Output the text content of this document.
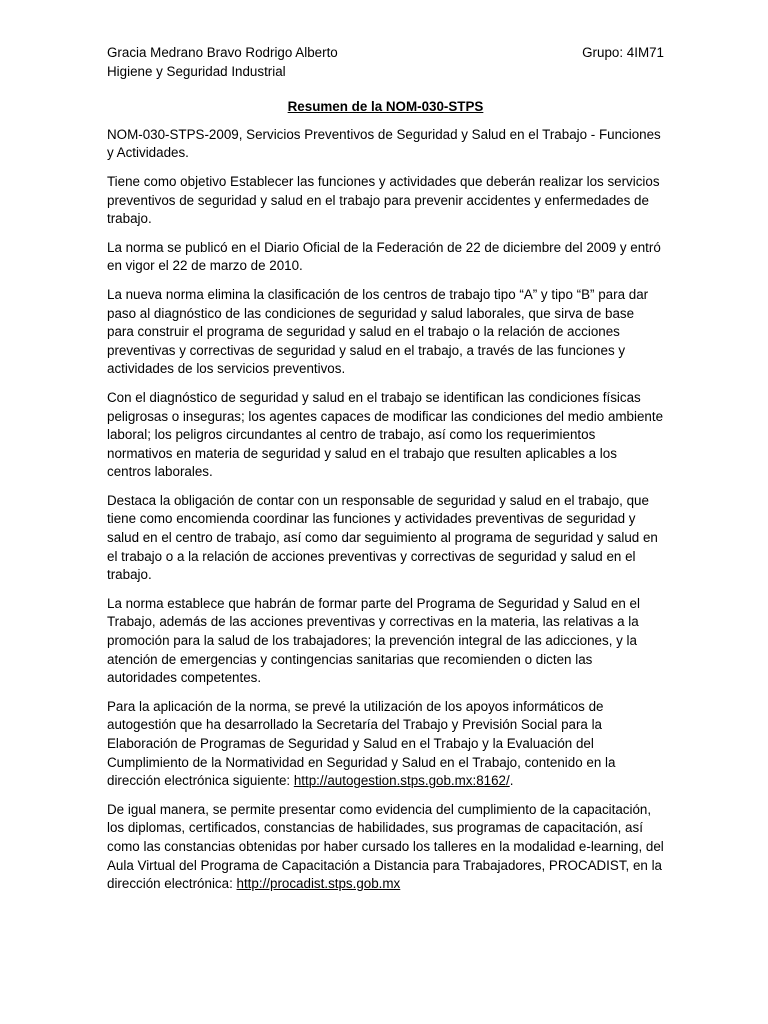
Gracia Medrano Bravo Rodrigo Alberto	Grupo: 4IM71

Higiene y Seguridad Industrial

Resumen de la NOM-030-STPS

NOM-030-STPS-2009, Servicios Preventivos de Seguridad y Salud en el Trabajo - Funciones y Actividades.

Tiene como objetivo Establecer las funciones y actividades que deberán realizar los servicios preventivos de seguridad y salud en el trabajo para prevenir accidentes y enfermedades de trabajo.

La norma se publicó en el Diario Oficial de la Federación de 22 de diciembre del 2009 y entró en vigor el 22 de marzo de 2010.

La nueva norma elimina la clasificación de los centros de trabajo tipo “A” y tipo “B” para dar paso al diagnóstico de las condiciones de seguridad y salud laborales, que sirva de base para construir el programa de seguridad y salud en el trabajo o la relación de acciones preventivas y correctivas de seguridad y salud en el trabajo, a través de las funciones y actividades de los servicios preventivos.

Con el diagnóstico de seguridad y salud en el trabajo se identifican las condiciones físicas peligrosas o inseguras; los agentes capaces de modificar las condiciones del medio ambiente laboral; los peligros circundantes al centro de trabajo, así como los requerimientos normativos en materia de seguridad y salud en el trabajo que resulten aplicables a los centros laborales.

Destaca la obligación de contar con un responsable de seguridad y salud en el trabajo, que tiene como encomienda coordinar las funciones y actividades preventivas de seguridad y salud en el centro de trabajo, así como dar seguimiento al programa de seguridad y salud en el trabajo o a la relación de acciones preventivas y correctivas de seguridad y salud en el trabajo.

La norma establece que habrán de formar parte del Programa de Seguridad y Salud en el Trabajo, además de las acciones preventivas y correctivas en la materia, las relativas a la promoción para la salud de los trabajadores; la prevención integral de las adicciones, y la atención de emergencias y contingencias sanitarias que recomienden o dicten las autoridades competentes.

Para la aplicación de la norma, se prevé la utilización de los apoyos informáticos de autogestión que ha desarrollado la Secretaría del Trabajo y Previsión Social para la Elaboración de Programas de Seguridad y Salud en el Trabajo y la Evaluación del Cumplimiento de la Normatividad en Seguridad y Salud en el Trabajo, contenido en la dirección electrónica siguiente: http://autogestion.stps.gob.mx:8162/.

De igual manera, se permite presentar como evidencia del cumplimiento de la capacitación, los diplomas, certificados, constancias de habilidades, sus programas de capacitación, así como las constancias obtenidas por haber cursado los talleres en la modalidad e-learning, del Aula Virtual del Programa de Capacitación a Distancia para Trabajadores, PROCADIST, en la dirección electrónica: http://procadist.stps.gob.mx
